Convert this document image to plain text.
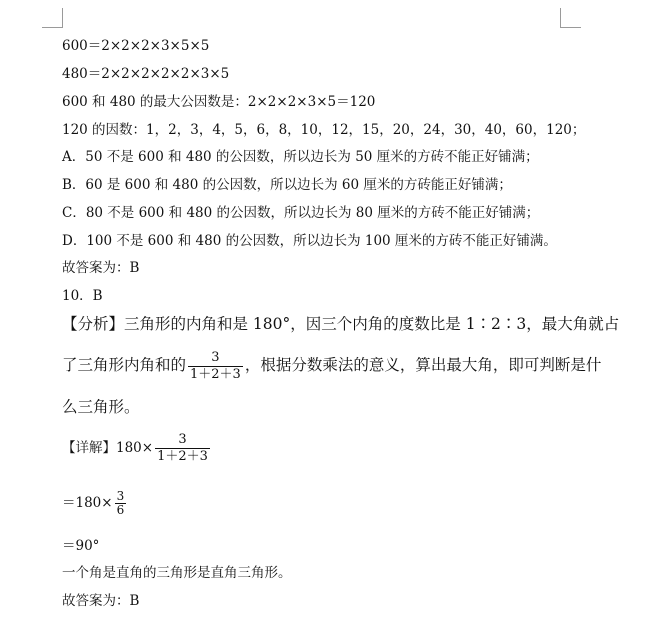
600＝2×2×2×3×5×5
480＝2×2×2×2×2×3×5
600 和 480 的最大公因数是：2×2×2×3×5＝120
120 的因数：1，2，3，4，5，6，8，10，12，15，20，24，30，40，60，120；
A．50 不是 600 和 480 的公因数，所以边长为 50 厘米的方砖不能正好铺满；
B．60 是 600 和 480 的公因数，所以边长为 60 厘米的方砖能正好铺满；
C．80 不是 600 和 480 的公因数，所以边长为 80 厘米的方砖不能正好铺满；
D．100 不是 600 和 480 的公因数，所以边长为 100 厘米的方砖不能正好铺满。
故答案为：B
10．B
【分析】三角形的内角和是 180°，因三个内角的度数比是 1∶2∶3，最大角就占
了三角形内角和的 $\frac{3}{1+2+3}$ ，根据分数乘法的意义，算出最大角，即可判断是什
么三角形。
【详解】$180\times \frac{3}{1+2+3}$
$=180\times \frac{3}{6}$
＝90°
一个角是直角的三角形是直角三角形。
故答案为：B
